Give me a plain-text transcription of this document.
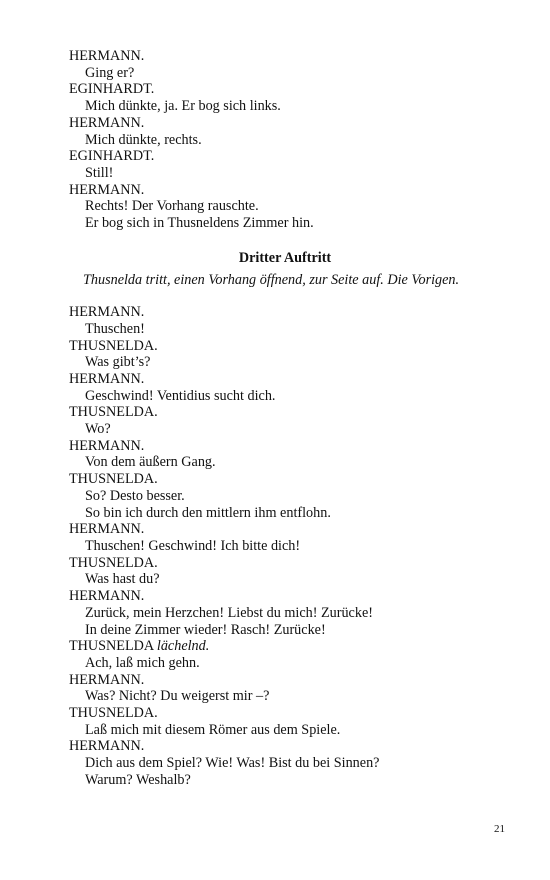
HERMANN.
Ging er?
EGINHARDT.
Mich dünkte, ja. Er bog sich links.
HERMANN.
Mich dünkte, rechts.
EGINHARDT.
Still!
HERMANN.
Rechts! Der Vorhang rauschte.
Er bog sich in Thusneldens Zimmer hin.
Dritter Auftritt
Thusnelda tritt, einen Vorhang öffnend, zur Seite auf. Die Vorigen.
HERMANN.
Thuschen!
THUSNELDA.
Was gibt’s?
HERMANN.
Geschwind! Ventidius sucht dich.
THUSNELDA.
Wo?
HERMANN.
Von dem äußern Gang.
THUSNELDA.
So? Desto besser.
So bin ich durch den mittlern ihm entflohn.
HERMANN.
Thuschen! Geschwind! Ich bitte dich!
THUSNELDA.
Was hast du?
HERMANN.
Zurück, mein Herzchen! Liebst du mich! Zurücke!
In deine Zimmer wieder! Rasch! Zurücke!
THUSNELDA lächelnd.
Ach, laß mich gehn.
HERMANN.
Was? Nicht? Du weigerst mir –?
THUSNELDA.
Laß mich mit diesem Römer aus dem Spiele.
HERMANN.
Dich aus dem Spiel? Wie! Was! Bist du bei Sinnen?
Warum? Weshalb?
21
